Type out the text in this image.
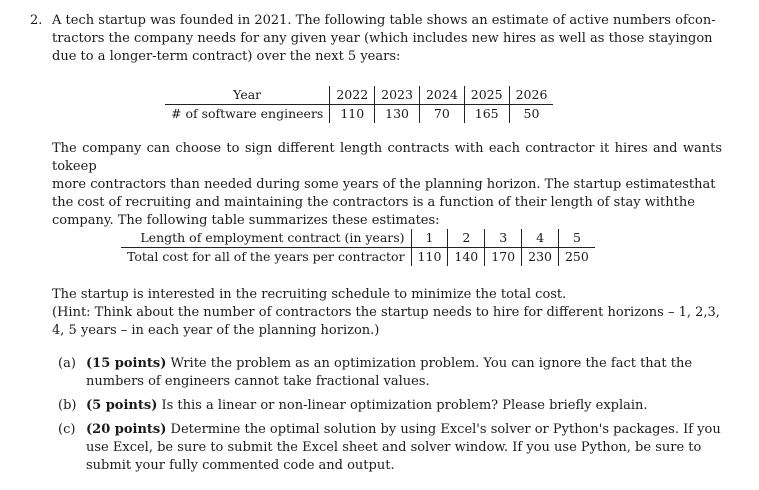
2. A tech startup was founded in 2021. The following table shows an estimate of active numbers ofcon-
tractors the company needs for any given year (which includes new hires as well as those stayingon
due to a longer-term contract) over the next 5 years:
Year	2022	2023	2024	2025	2026
# of software engineers	110	130	70	165	50
The company can choose to sign different length contracts with each contractor it hires and wants tokeep
more contractors than needed during some years of the planning horizon. The startup estimatesthat
the cost of recruiting and maintaining the contractors is a function of their length of stay withthe
company. The following table summarizes these estimates:
Length of employment contract (in years)	1	2	3	4	5
Total cost for all of the years per contractor	110	140	170	230	250
The startup is interested in the recruiting schedule to minimize the total cost.
(Hint: Think about the number of contractors the startup needs to hire for different horizons – 1, 2,3,
4, 5 years – in each year of the planning horizon.)
(a) (15 points) Write the problem as an optimization problem. You can ignore the fact that the
numbers of engineers cannot take fractional values.
(b) (5 points) Is this a linear or non-linear optimization problem? Please briefly explain.
(c) (20 points) Determine the optimal solution by using Excel's solver or Python's packages. If you
use Excel, be sure to submit the Excel sheet and solver window. If you use Python, be sure to
submit your fully commented code and output.
